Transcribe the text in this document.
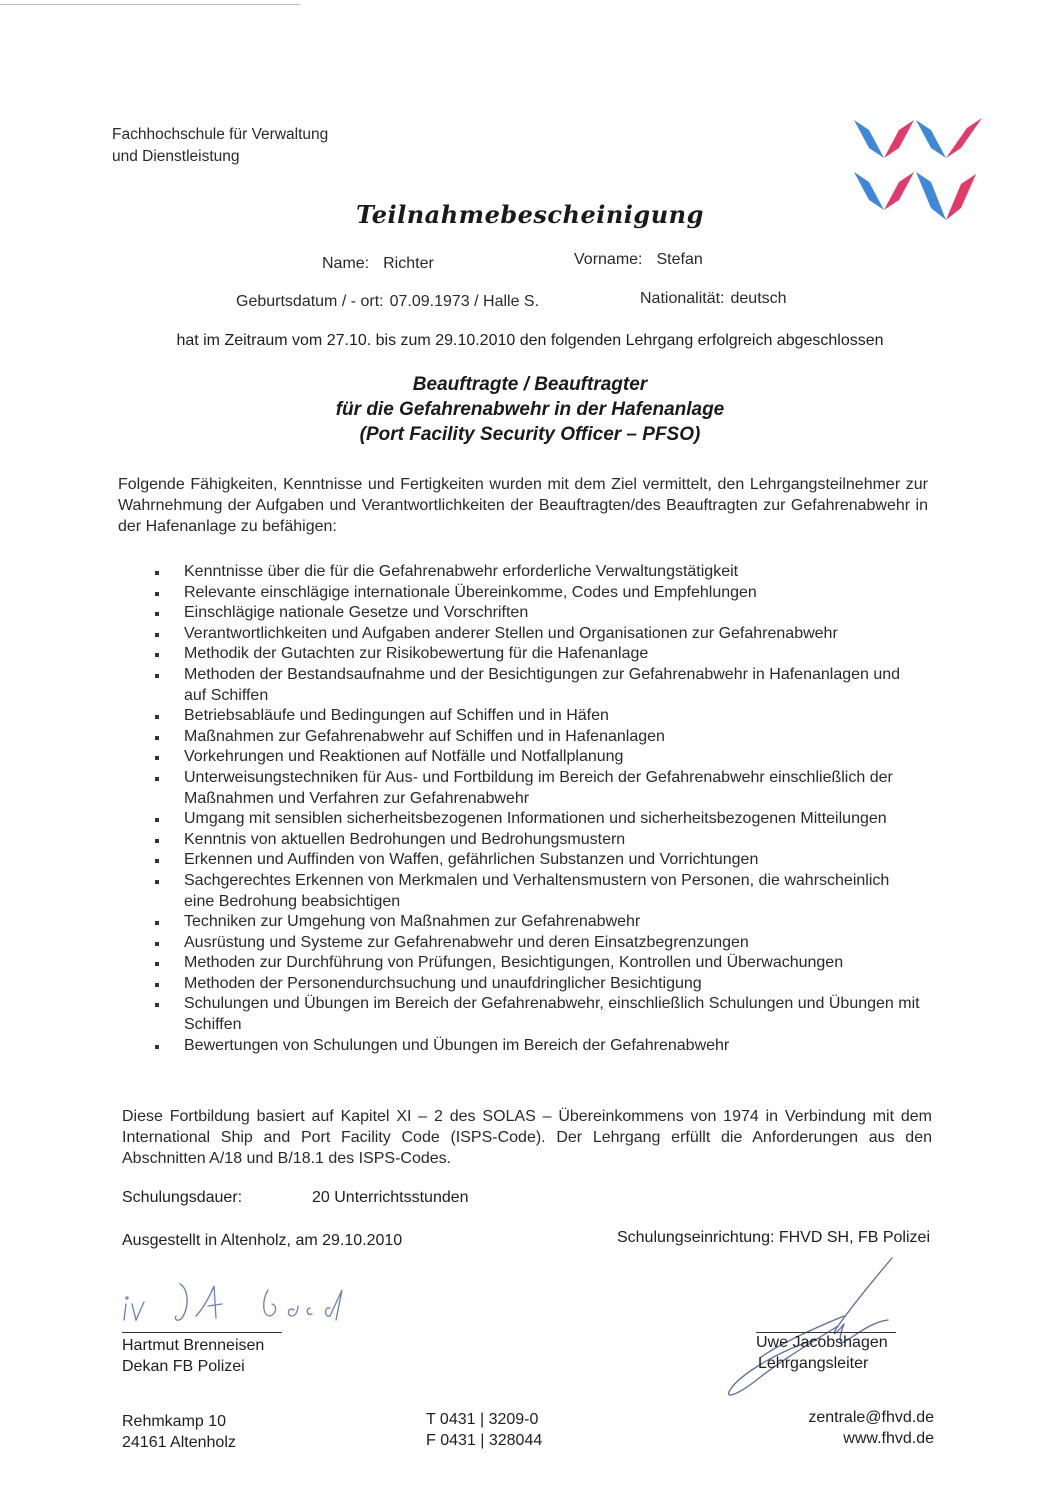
Fachhochschule für Verwaltung
und Dienstleistung
Teilnahmebescheinigung
Name: Richter	Vorname: Stefan
Geburtsdatum / - ort: 07.09.1973 / Halle S.	Nationalität: deutsch
hat im Zeitraum vom 27.10. bis zum 29.10.2010 den folgenden Lehrgang erfolgreich abgeschlossen
Beauftragte / Beauftragter
für die Gefahrenabwehr in der Hafenanlage
(Port Facility Security Officer – PFSO)
Folgende Fähigkeiten, Kenntnisse und Fertigkeiten wurden mit dem Ziel vermittelt, den Lehrgangsteilnehmer zur Wahrnehmung der Aufgaben und Verantwortlichkeiten der Beauftragten/des Beauftragten zur Gefahrenabwehr in der Hafenanlage zu befähigen:
Kenntnisse über die für die Gefahrenabwehr erforderliche Verwaltungstätigkeit
Relevante einschlägige internationale Übereinkomme, Codes und Empfehlungen
Einschlägige nationale Gesetze und Vorschriften
Verantwortlichkeiten und Aufgaben anderer Stellen und Organisationen zur Gefahrenabwehr
Methodik der Gutachten zur Risikobewertung für die Hafenanlage
Methoden der Bestandsaufnahme und der Besichtigungen zur Gefahrenabwehr in Hafenanlagen und auf Schiffen
Betriebsabläufe und Bedingungen auf Schiffen und in Häfen
Maßnahmen zur Gefahrenabwehr auf Schiffen und in Hafenanlagen
Vorkehrungen und Reaktionen auf Notfälle und Notfallplanung
Unterweisungstechniken für Aus- und Fortbildung im Bereich der Gefahrenabwehr einschließlich der Maßnahmen und Verfahren zur Gefahrenabwehr
Umgang mit sensiblen sicherheitsbezogenen Informationen und sicherheitsbezogenen Mitteilungen
Kenntnis von aktuellen Bedrohungen und Bedrohungsmustern
Erkennen und Auffinden von Waffen, gefährlichen Substanzen und Vorrichtungen
Sachgerechtes Erkennen von Merkmalen und Verhaltensmustern von Personen, die wahrscheinlich eine Bedrohung beabsichtigen
Techniken zur Umgehung von Maßnahmen zur Gefahrenabwehr
Ausrüstung und Systeme zur Gefahrenabwehr und deren Einsatzbegrenzungen
Methoden zur Durchführung von Prüfungen, Besichtigungen, Kontrollen und Überwachungen
Methoden der Personendurchsuchung und unaufdringlicher Besichtigung
Schulungen und Übungen im Bereich der Gefahrenabwehr, einschließlich Schulungen und Übungen mit Schiffen
Bewertungen von Schulungen und Übungen im Bereich der Gefahrenabwehr
Diese Fortbildung basiert auf Kapitel XI – 2 des SOLAS – Übereinkommens von 1974 in Verbindung mit dem International Ship and Port Facility Code (ISPS-Code). Der Lehrgang erfüllt die Anforderungen aus den Abschnitten A/18 und B/18.1 des ISPS-Codes.
Schulungsdauer:	20 Unterrichtsstunden
Ausgestellt in Altenholz, am 29.10.2010	Schulungseinrichtung: FHVD SH, FB Polizei
Hartmut Brenneisen
Dekan FB Polizei
Uwe Jacobshagen
Lehrgangsleiter
Rehmkamp 10
24161 Altenholz
T 0431 | 3209-0
F 0431 | 328044
zentrale@fhvd.de
www.fhvd.de
